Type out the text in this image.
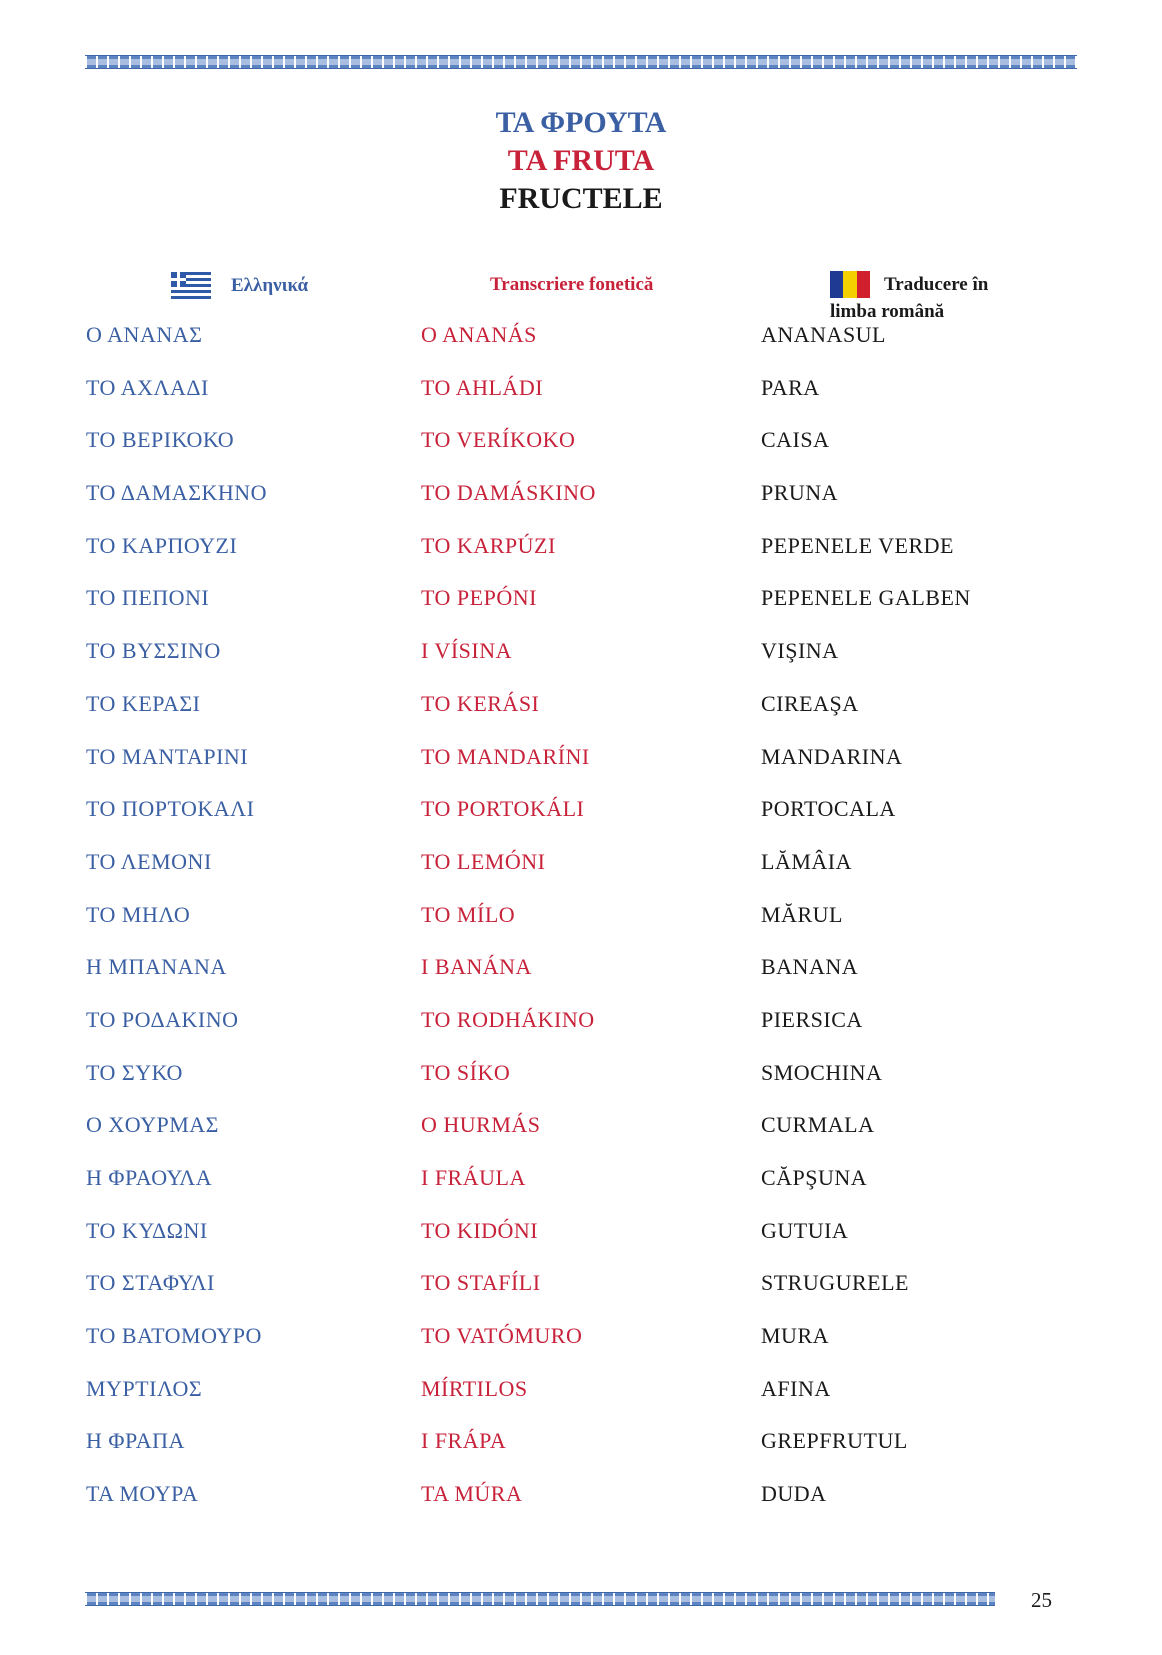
ΤΑ ΦΡΟΥΤΑ
TA FRUTA
FRUCTELE
Ελληνικά	Transcriere fonetică	Traducere în
limba română
Ο ΑΝΑΝΑΣ	O ANANÁS	ANANASUL
ΤΟ ΑΧΛΑΔΙ	TO AHLÁDI	PARA
ΤΟ ΒΕΡΙΚΟΚΟ	TO VERÍKOKO	CAISA
ΤΟ ΔΑΜΑΣΚΗΝΟ	TO DAMÁSKINO	PRUNA
ΤΟ ΚΑΡΠΟΥΖΙ	TO KARPÚZI	PEPENELE VERDE
ΤΟ ΠΕΠΟΝΙ	TO PEPÓNI	PEPENELE GALBEN
ΤΟ ΒΥΣΣΙΝΟ	I VÍSINA	VIŞINA
ΤΟ ΚΕΡΑΣΙ	TO KERÁSI	CIREAŞA
ΤΟ ΜΑΝΤΑΡΙΝΙ	TO MANDARÍNI	MANDARINA
ΤΟ ΠΟΡΤΟΚΑΛΙ	TO PORTOKÁLI	PORTOCALA
ΤΟ ΛΕΜΟΝΙ	TO LEMÓNI	LĂMÂIA
ΤΟ ΜΗΛΟ	TO MÍLO	MĂRUL
Η ΜΠΑΝΑΝΑ	I BANÁNA	BANANA
ΤΟ ΡΟΔΑΚΙΝΟ	TO RODHÁKINO	PIERSICA
ΤΟ ΣΥΚΟ	TO SÍKO	SMOCHINA
Ο ΧΟΥΡΜΑΣ	O HURMÁS	CURMALA
Η ΦΡΑΟΥΛΑ	I FRÁULA	CĂPŞUNA
ΤΟ ΚΥΔΩΝΙ	TO KIDÓNI	GUTUIA
ΤΟ ΣΤΑΦΥΛΙ	TO STAFÍLI	STRUGURELE
ΤΟ ΒΑΤΟΜΟΥΡΟ	TO VATÓMURO	MURA
ΜΥΡΤΙΛΟΣ	MÍRTILOS	AFINA
Η ΦΡΑΠΑ	I FRÁPA	GREPFRUTUL
ΤΑ ΜΟΥΡΑ	TA MÚRA	DUDA
25
